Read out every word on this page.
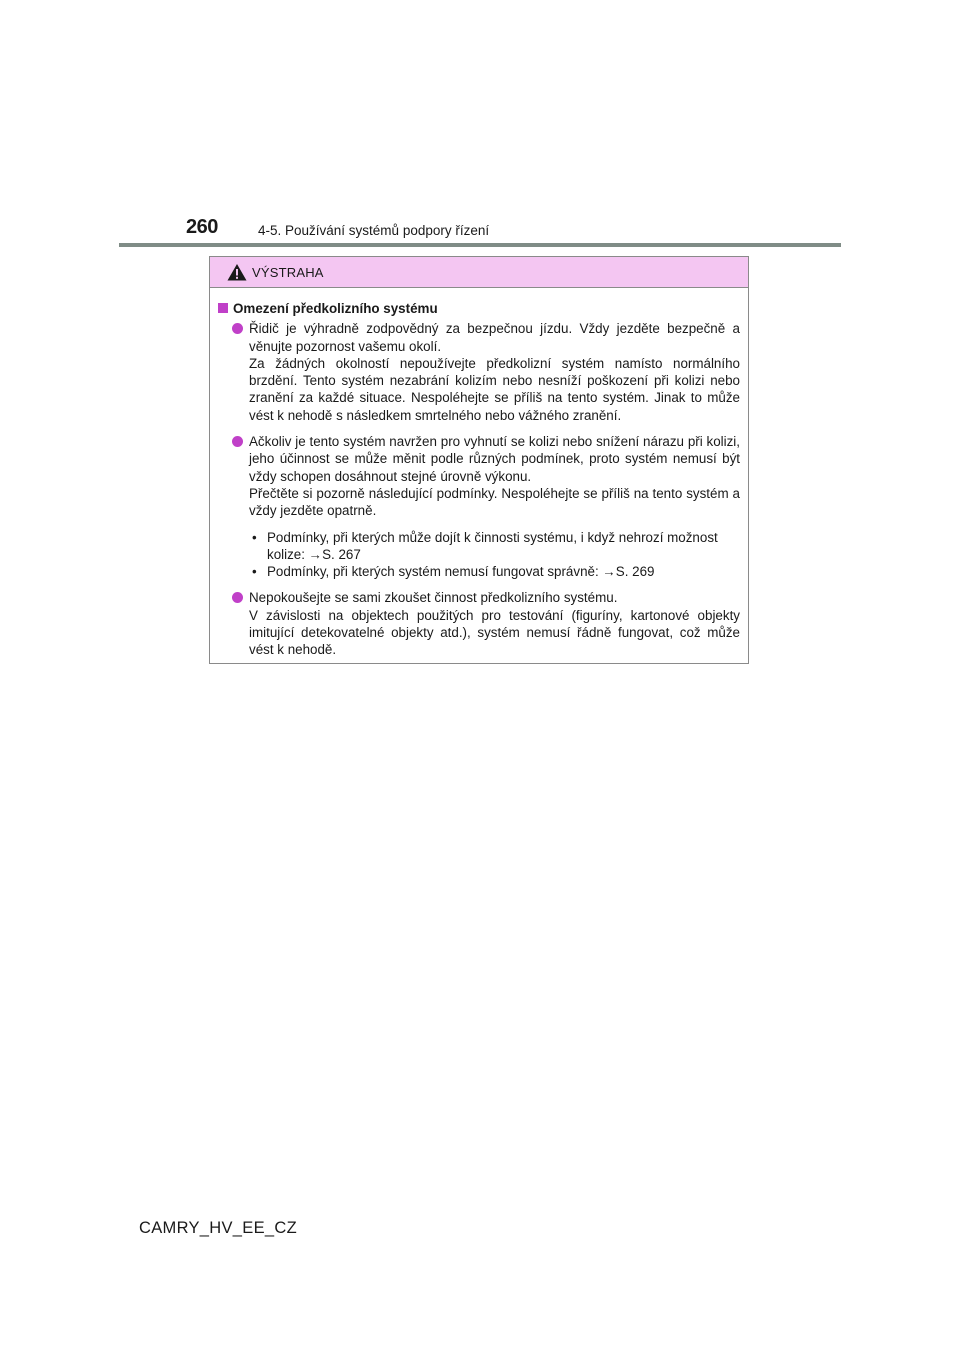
260	4-5. Používání systémů podpory řízení
VÝSTRAHA
Omezení předkolizního systému

Řidič je výhradně zodpovědný za bezpečnou jízdu. Vždy jezděte bezpečně a věnujte pozornost vašemu okolí.

Za žádných okolností nepoužívejte předkolizní systém namísto normálního brzdění. Tento systém nezabrání kolizím nebo nesníží poškození při kolizi nebo zranění za každé situace. Nespoléhejte se příliš na tento systém. Jinak to může vést k nehodě s následkem smrtelného nebo vážného zranění.

Ačkoliv je tento systém navržen pro vyhnutí se kolizi nebo snížení nárazu při kolizi, jeho účinnost se může měnit podle různých podmínek, proto systém nemusí být vždy schopen dosáhnout stejné úrovně výkonu.

Přečtěte si pozorně následující podmínky. Nespoléhejte se příliš na tento systém a vždy jezděte opatrně.

• Podmínky, při kterých může dojít k činnosti systému, i když nehrozí možnost kolize: →S. 267
• Podmínky, při kterých systém nemusí fungovat správně: →S. 269

Nepokoušejte se sami zkoušet činnost předkolizního systému.

V závislosti na objektech použitých pro testování (figuríny, kartonové objekty imitující detekovatelné objekty atd.), systém nemusí řádně fungovat, což může vést k nehodě.

CAMRY_HV_EE_CZ
